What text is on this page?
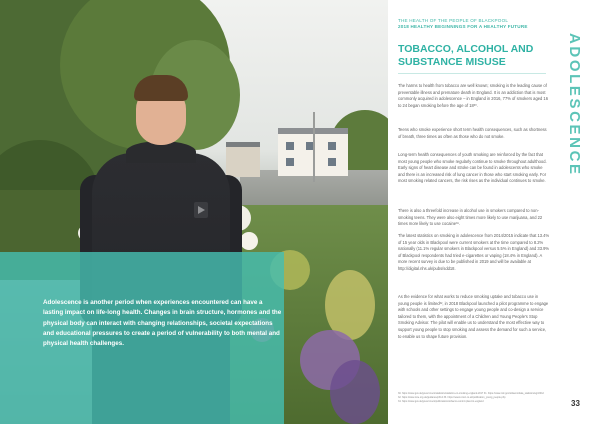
Adolescence is another period when experiences encountered can have a lasting impact on life-long health. Changes in brain structure, hormones and the physical body can interact with changing relationships, societal expectations and educational pressures to create a period of vulnerability to both mental and physical health challenges.
THE HEALTH OF THE PEOPLE OF BLACKPOOL
2018 HEALTHY BEGINNINGS FOR A HEALTHY FUTURE
TOBACCO, ALCOHOL AND SUBSTANCE MISUSE	ADOLESCENCE
The harms to health from tobacco are well known; smoking is the leading cause of preventable illness and premature death in England. It is an addiction that is most commonly acquired in adolescence – in England in 2016, 77% of smokers aged 16 to 24 began smoking before the age of 18³⁰.
Teens who smoke experience short term health consequences, such as shortness of breath, three times as often as those who do not smoke.
Long-term health consequences of youth smoking are reinforced by the fact that most young people who smoke regularly continue to smoke throughout adulthood. Early signs of heart disease and stroke can be found in adolescents who smoke and there is an increased risk of lung cancer in those who start smoking early. For most smoking related cancers, the risk rises as the individual continues to smoke.
There is also a threefold increase in alcohol use in smokers compared to non-smoking teens. They were also eight times more likely to use marijuana, and 22 times more likely to use cocaine³¹.
The latest statistics on smoking in adolescence from 2014/2015 indicate that 13.4% of 15 year olds in Blackpool were current smokers at the time compared to 8.2% nationally (11.1% regular smokers in Blackpool versus 5.5% in England) and 33.9% of Blackpool respondents had tried e-cigarettes or vaping (18.4% in England). A more recent survey is due to be published in 2019 and will be available at http://digital.nhs.uk/pubs/sdd18.
As the evidence for what works to reduce smoking uptake and tobacco use in young people is limited³², in 2018 Blackpool launched a pilot programme to engage with schools and other settings to engage young people and co-design a service tailored to them, with the appointment of a Children and Young People's Stop Smoking Advisor. The pilot will enable us to understand the most effective way to support young people to stop smoking and assess the demand for such a service, to enable us to shape future provision.
30. https://www.gov.uk/government/statistics/statistics-on-smoking-england-2017 31. https://www.cdc.gov/tobacco/data_statistics/sgr/2012
32. https://www.nice.org.uk/guidance/ph14 33. https://www.ncsct.co.uk/publication_young_people.php
34. https://www.gov.uk/government/publications/tobacco-control-plan-for-england	33
